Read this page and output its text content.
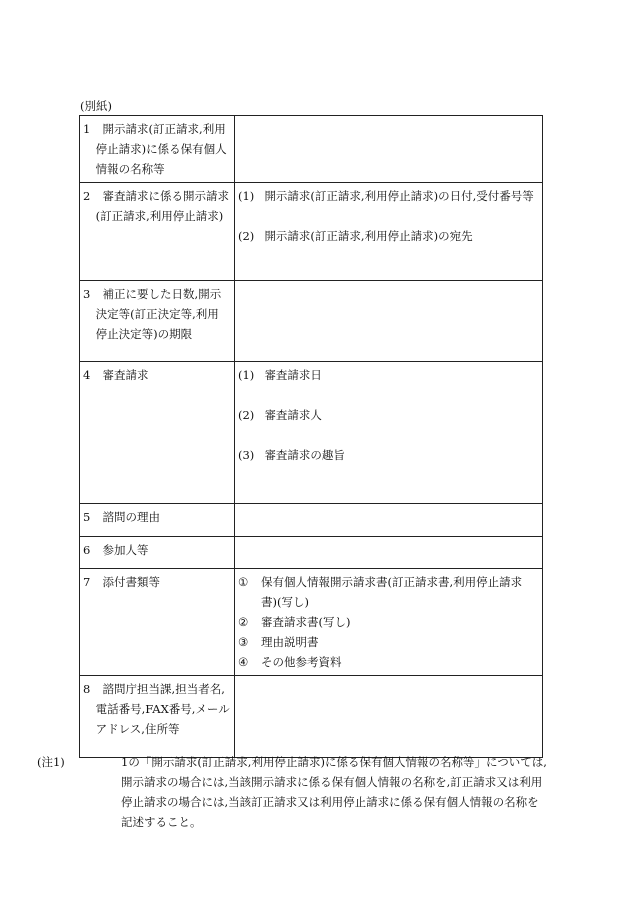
(別紙)

1 開示請求(訂正請求,利用停止請求)に係る保有個人情報の名称等	

2 審査請求に係る開示請求(訂正請求,利用停止請求)	(1) 開示請求(訂正請求,利用停止請求)の日付,受付番号等

(2) 開示請求(訂正請求,利用停止請求)の宛先

3 補正に要した日数,開示決定等(訂正決定等,利用停止決定等)の期限	

4 審査請求	(1) 審査請求日

(2) 審査請求人

(3) 審査請求の趣旨

5 諮問の理由	

6 参加人等	

7 添付書類等	① 保有個人情報開示請求書(訂正請求書,利用停止請求書)(写し)

② 審査請求書(写し)

③ 理由説明書

④ その他参考資料

8 諮問庁担当課,担当者名,電話番号,FAX番号,メールアドレス,住所等	

(注1)	1の「開示請求(訂正請求,利用停止請求)に係る保有個人情報の名称等」については,開示請求の場合には,当該開示請求に係る保有個人情報の名称を,訂正請求又は利用停止請求の場合には,当該訂正請求又は利用停止請求に係る保有個人情報の名称を記述すること。
